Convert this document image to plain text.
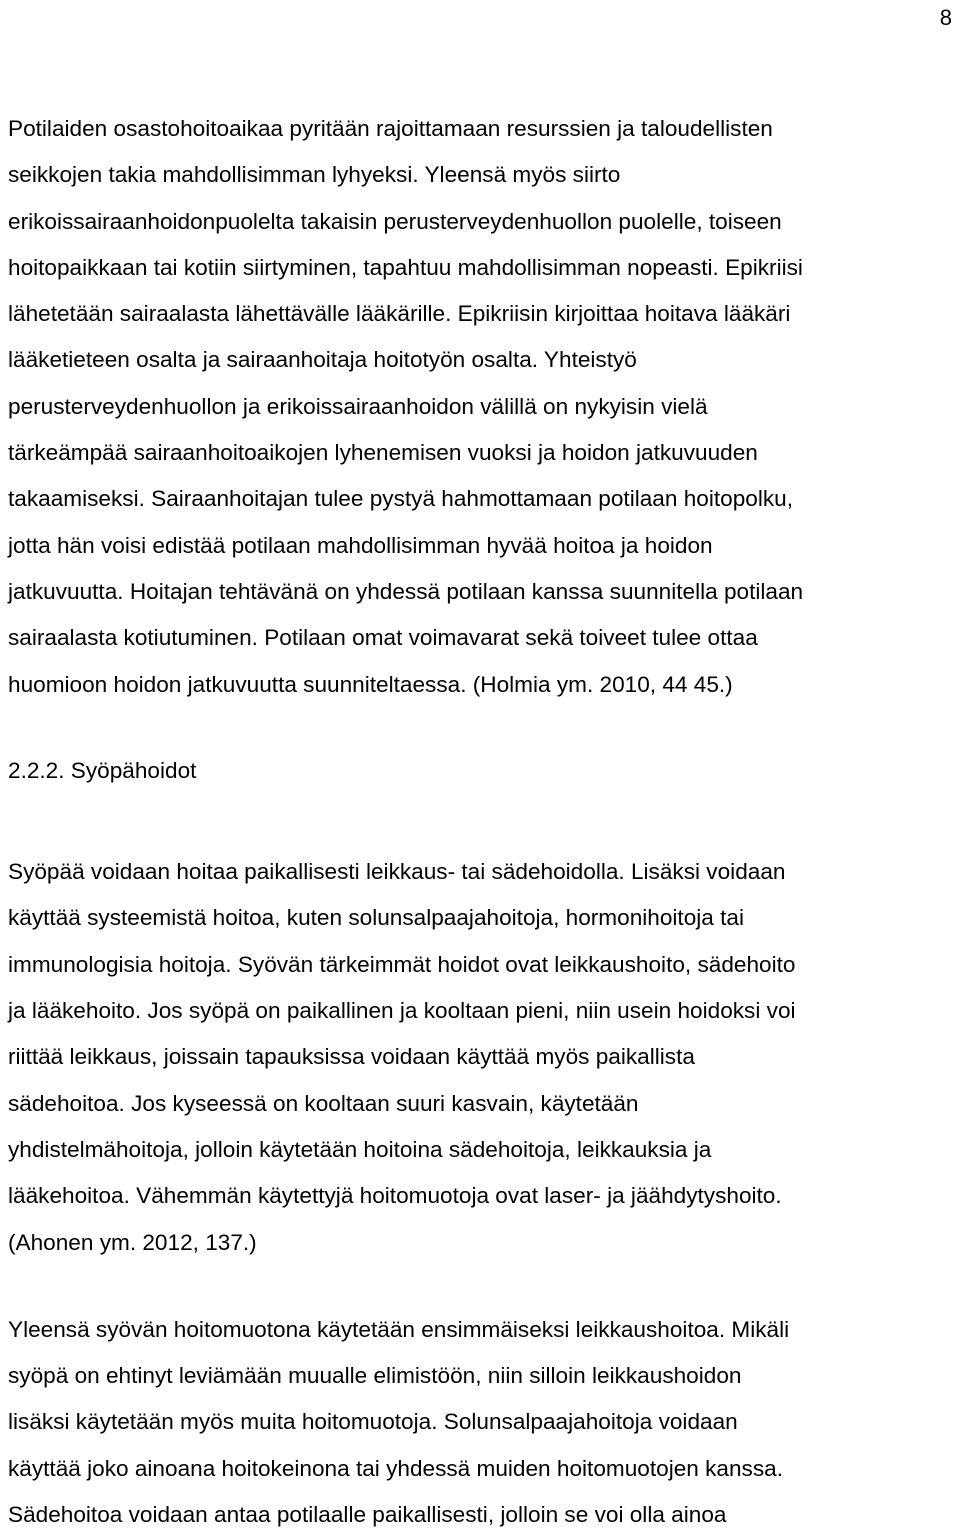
8

Potilaiden osastohoitoaikaa pyritään rajoittamaan resurssien ja taloudellisten
seikkojen takia mahdollisimman lyhyeksi. Yleensä myös siirto
erikoissairaanhoidonpuolelta takaisin perusterveydenhuollon puolelle, toiseen
hoitopaikkaan tai kotiin siirtyminen, tapahtuu mahdollisimman nopeasti. Epikriisi
lähetetään sairaalasta lähettävälle lääkärille. Epikriisin kirjoittaa hoitava lääkäri
lääketieteen osalta ja sairaanhoitaja hoitotyön osalta. Yhteistyö
perusterveydenhuollon ja erikoissairaanhoidon välillä on nykyisin vielä
tärkeämpää sairaanhoitoaikojen lyhenemisen vuoksi ja hoidon jatkuvuuden
takaamiseksi. Sairaanhoitajan tulee pystyä hahmottamaan potilaan hoitopolku,
jotta hän voisi edistää potilaan mahdollisimman hyvää hoitoa ja hoidon
jatkuvuutta. Hoitajan tehtävänä on yhdessä potilaan kanssa suunnitella potilaan
sairaalasta kotiutuminen. Potilaan omat voimavarat sekä toiveet tulee ottaa
huomioon hoidon jatkuvuutta suunniteltaessa. (Holmia ym. 2010, 44 45.)

2.2.2. Syöpähoidot

Syöpää voidaan hoitaa paikallisesti leikkaus- tai sädehoidolla. Lisäksi voidaan
käyttää systeemistä hoitoa, kuten solunsalpaajahoitoja, hormonihoitoja tai
immunologisia hoitoja. Syövän tärkeimmät hoidot ovat leikkaushoito, sädehoito
ja lääkehoito. Jos syöpä on paikallinen ja kooltaan pieni, niin usein hoidoksi voi
riittää leikkaus, joissain tapauksissa voidaan käyttää myös paikallista
sädehoitoa. Jos kyseessä on kooltaan suuri kasvain, käytetään
yhdistelmähoitoja, jolloin käytetään hoitoina sädehoitoja, leikkauksia ja
lääkehoitoa. Vähemmän käytettyjä hoitomuotoja ovat laser- ja jäähdytyshoito.
(Ahonen ym. 2012, 137.)

Yleensä syövän hoitomuotona käytetään ensimmäiseksi leikkaushoitoa. Mikäli
syöpä on ehtinyt leviämään muualle elimistöön, niin silloin leikkaushoidon
lisäksi käytetään myös muita hoitomuotoja. Solunsalpaajahoitoja voidaan
käyttää joko ainoana hoitokeinona tai yhdessä muiden hoitomuotojen kanssa.
Sädehoitoa voidaan antaa potilaalle paikallisesti, jolloin se voi olla ainoa
